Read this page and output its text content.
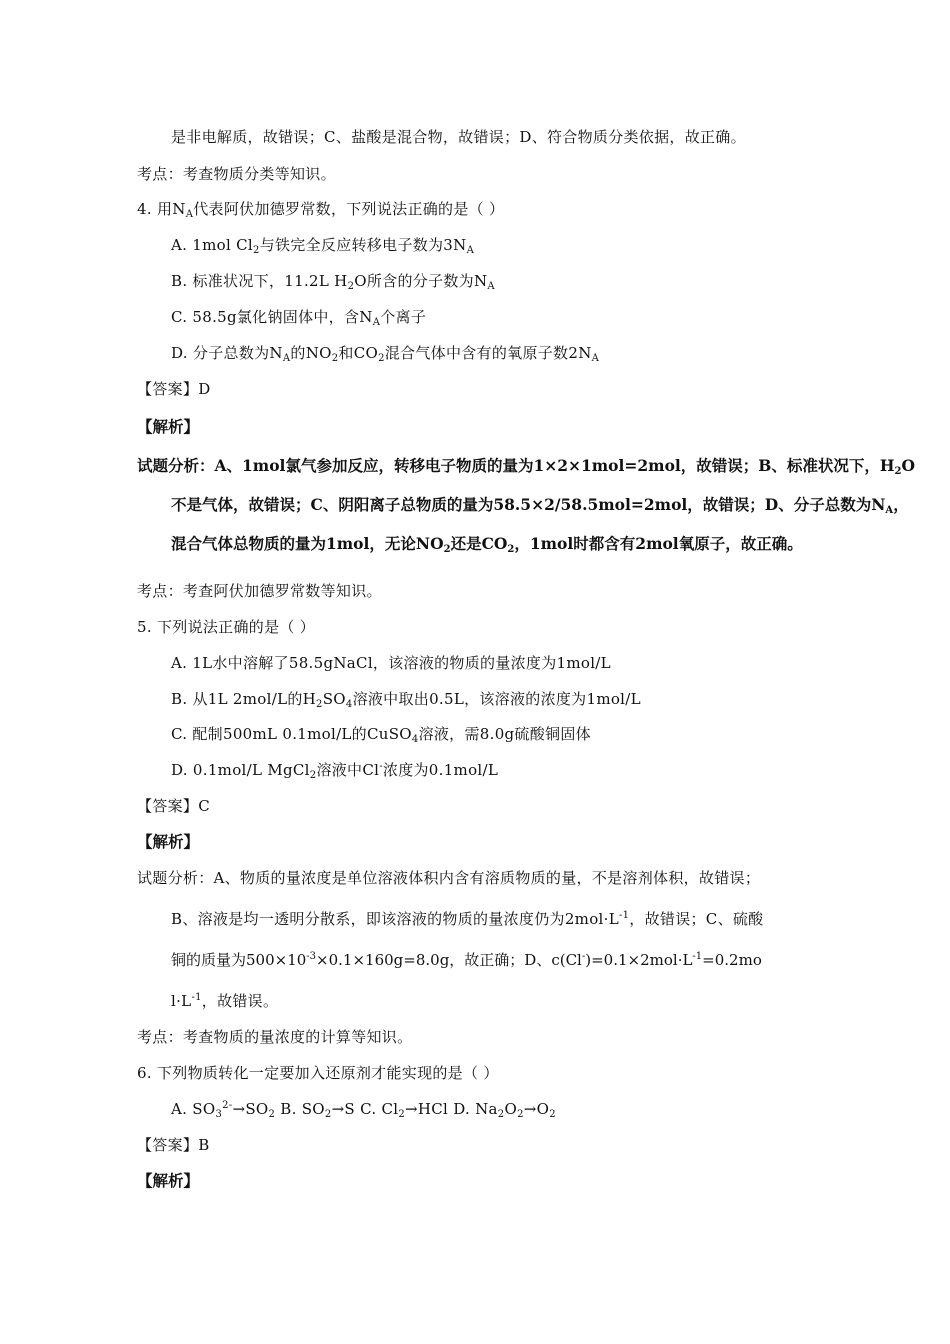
是非电解质，故错误；C、盐酸是混合物，故错误；D、符合物质分类依据，故正确。
考点：考查物质分类等知识。
4. 用$N_A$代表阿伏加德罗常数，下列说法正确的是（ ）
A. 1mol $Cl_2$与铁完全反应转移电子数为$3N_A$
B. 标准状况下，11.2L $H_2O$所含的分子数为$N_A$
C. 58.5g氯化钠固体中，含$N_A$个离子
D. 分子总数为$N_A$的$NO_2$和$CO_2$混合气体中含有的氧原子数$2N_A$
【答案】D
【解析】
试题分析：A、1mol氯气参加反应，转移电子物质的量为1×2×1mol=2mol，故错误；B、标准状况下，$H_2O$
不是气体，故错误；C、阴阳离子总物质的量为58.5×2/58.5mol=2mol，故错误；D、分子总数为$N_A$，
混合气体总物质的量为1mol，无论$NO_2$还是$CO_2$，1mol时都含有2mol氧原子，故正确。
考点：考查阿伏加德罗常数等知识。
5. 下列说法正确的是（ ）
A. 1L水中溶解了58.5gNaCl，该溶液的物质的量浓度为1mol/L
B. 从1L 2mol/L的$H_2SO_4$溶液中取出0.5L，该溶液的浓度为1mol/L
C. 配制500mL 0.1mol/L的CuSO$_4$溶液，需8.0g硫酸铜固体
D. 0.1mol/L MgCl$_2$溶液中Cl-浓度为0.1mol/L
【答案】C
【解析】
试题分析：A、物质的量浓度是单位溶液体积内含有溶质物质的量，不是溶剂体积，故错误；
B、溶液是均一透明分散系，即该溶液的物质的量浓度仍为$2mol\cdot L^{-1}$，故错误；C、硫酸
铜的质量为$500\times 10^{-3}\times 0.1\times 160g=8.0g$，故正确；D、$c(Cl^-)=0.1\times 2mol\cdot L^{-1}=0.2mo$
$l\cdot L^{-1}$，故错误。
考点：考查物质的量浓度的计算等知识。
6. 下列物质转化一定要加入还原剂才能实现的是（ ）
A. $SO_3^{2-}\to SO_2$ B. $SO_2\to S$ C. $Cl_2\to HCl$ D. $Na_2O_2\to O_2$
【答案】B
【解析】
